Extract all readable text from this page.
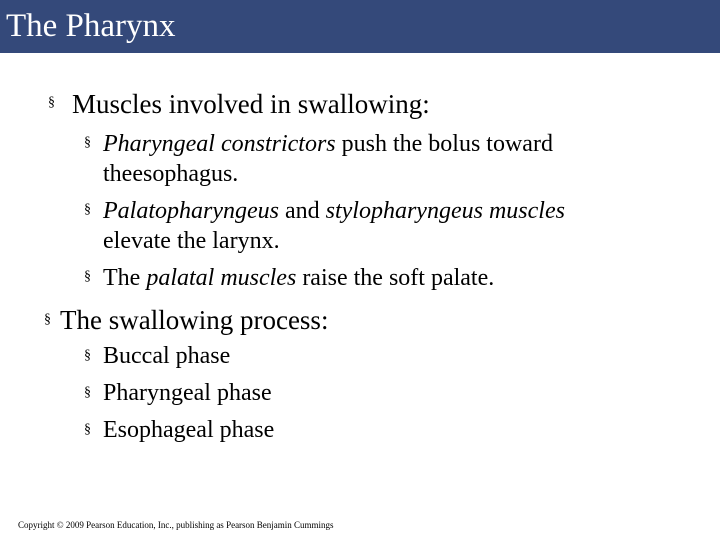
The Pharynx
§ Muscles involved in swallowing:
§ Pharyngeal constrictors push the bolus toward
theesophagus.
§ Palatopharyngeus and stylopharyngeus muscles
elevate the larynx.
§ The palatal muscles raise the soft palate.
§ The swallowing process:
§ Buccal phase
§ Pharyngeal phase
§ Esophageal phase
Copyright © 2009 Pearson Education, Inc., publishing as Pearson Benjamin Cummings
